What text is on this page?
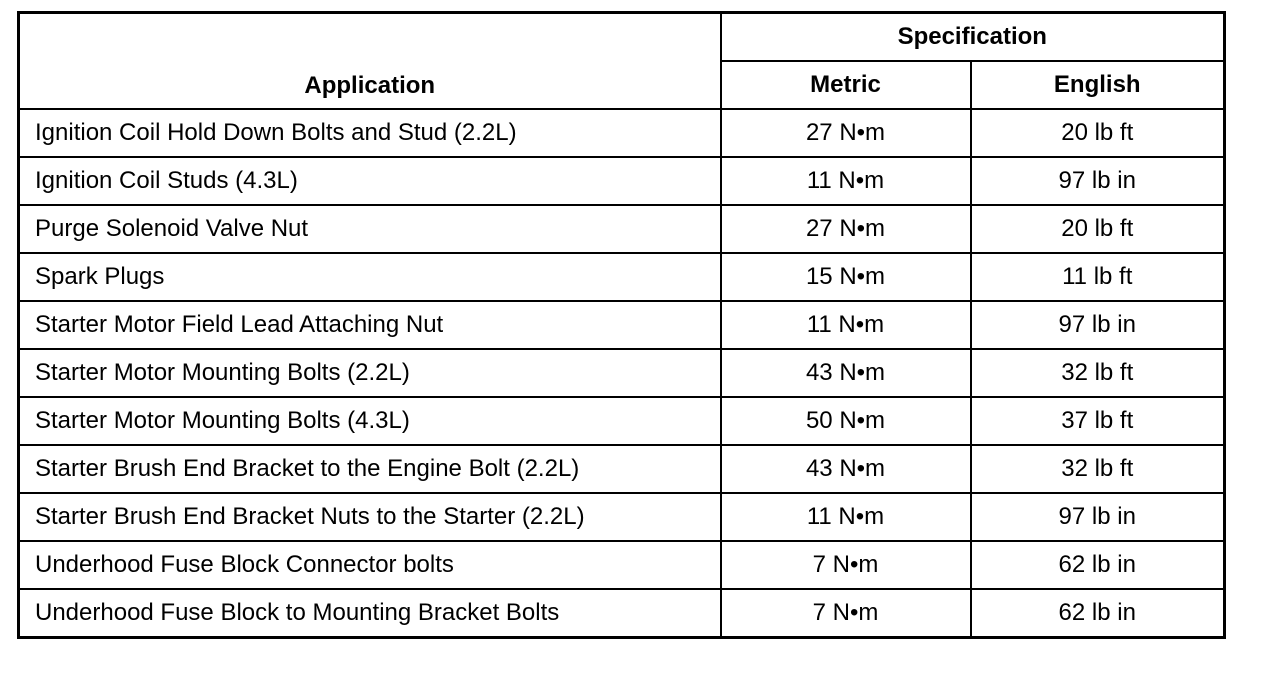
Application	Specification	
	Metric	English
Ignition Coil Hold Down Bolts and Stud (2.2L)	27 N•m	20 lb ft
Ignition Coil Studs (4.3L)	11 N•m	97 lb in
Purge Solenoid Valve Nut	27 N•m	20 lb ft
Spark Plugs	15 N•m	11 lb ft
Starter Motor Field Lead Attaching Nut	11 N•m	97 lb in
Starter Motor Mounting Bolts (2.2L)	43 N•m	32 lb ft
Starter Motor Mounting Bolts (4.3L)	50 N•m	37 lb ft
Starter Brush End Bracket to the Engine Bolt (2.2L)	43 N•m	32 lb ft
Starter Brush End Bracket Nuts to the Starter (2.2L)	11 N•m	97 lb in
Underhood Fuse Block Connector bolts	7 N•m	62 lb in
Underhood Fuse Block to Mounting Bracket Bolts	7 N•m	62 lb in
